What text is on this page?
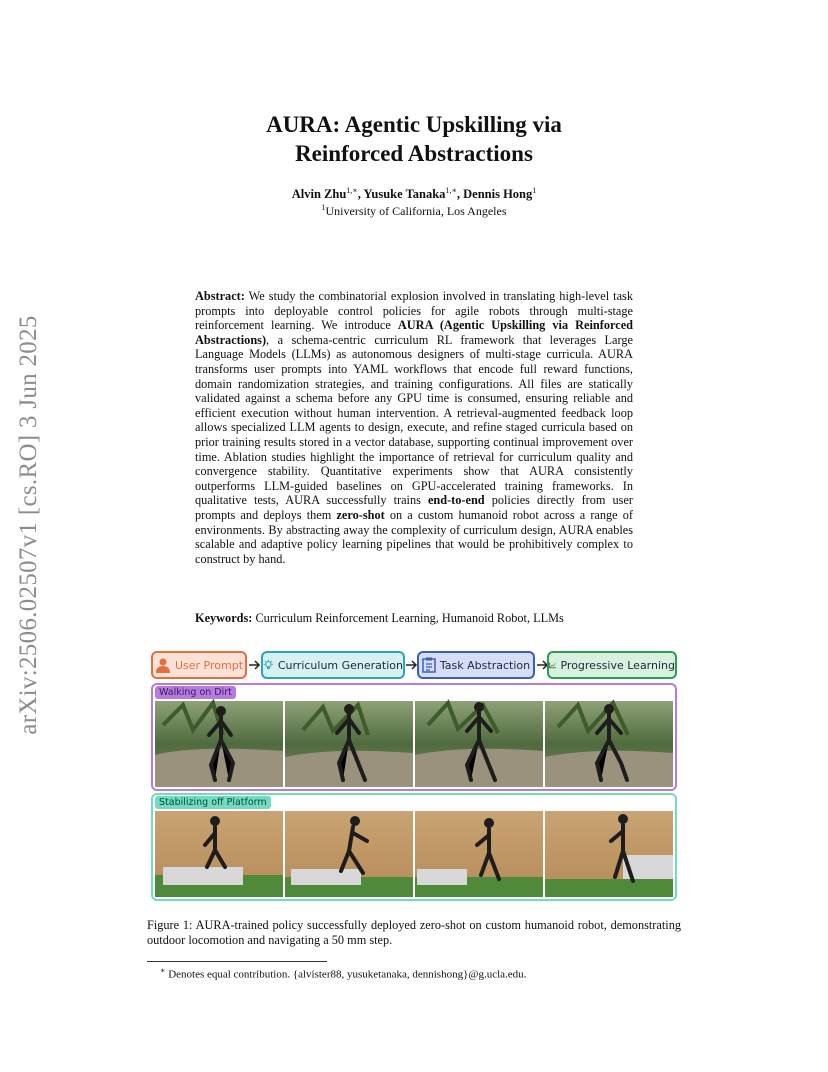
arXiv:2506.02507v1 [cs.RO] 3 Jun 2025
AURA: Agentic Upskilling via
Reinforced Abstractions
Alvin Zhu$^{1,∗}$, Yusuke Tanaka$^{1,∗}$, Dennis Hong$^1$
$^1$University of California, Los Angeles
Abstract: We study the combinatorial explosion involved in translating high-level task prompts into deployable control policies for agile robots through multi-stage reinforcement learning. We introduce AURA (Agentic Upskilling via Reinforced Abstractions), a schema-centric curriculum RL framework that leverages Large Language Models (LLMs) as autonomous designers of multi-stage curricula. AURA transforms user prompts into YAML workflows that encode full reward functions, domain randomization strategies, and training configurations. All files are statically validated against a schema before any GPU time is consumed, ensuring reliable and efficient execution without human intervention. A retrieval-augmented feedback loop allows specialized LLM agents to design, execute, and refine staged curricula based on prior training results stored in a vector database, supporting continual improvement over time. Ablation studies highlight the importance of retrieval for curriculum quality and convergence stability. Quantitative experiments show that AURA consistently outperforms LLM-guided baselines on GPU-accelerated training frameworks. In qualitative tests, AURA successfully trains end-to-end policies directly from user prompts and deploys them zero-shot on a custom humanoid robot across a range of environments. By abstracting away the complexity of curriculum design, AURA enables scalable and adaptive policy learning pipelines that would be prohibitively complex to construct by hand.
Keywords: Curriculum Reinforcement Learning, Humanoid Robot, LLMs
User Prompt	Curriculum Generation	Task Abstraction	Progressive Learning
Walking on Dirt
Stabilizing off Platform
Figure 1: AURA-trained policy successfully deployed zero-shot on custom humanoid robot, demonstrating outdoor locomotion and navigating a 50 mm step.
∗ Denotes equal contribution. {alvister88, yusuketanaka, dennishong}@g.ucla.edu.
